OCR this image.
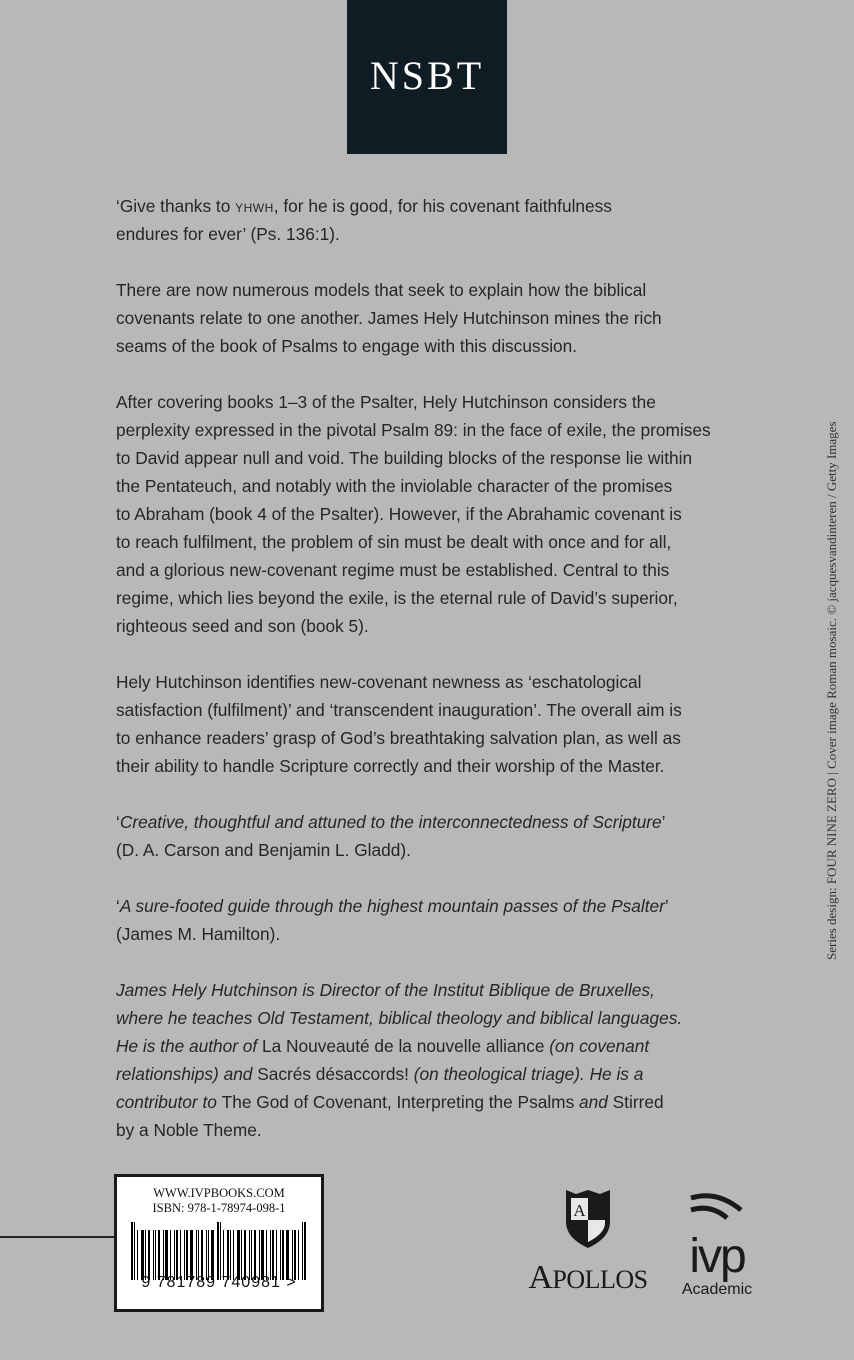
NSBT
‘Give thanks to YHWH, for he is good, for his covenant faithfulness
endures for ever’ (Ps. 136:1).
There are now numerous models that seek to explain how the biblical
covenants relate to one another. James Hely Hutchinson mines the rich
seams of the book of Psalms to engage with this discussion.
After covering books 1–3 of the Psalter, Hely Hutchinson considers the
perplexity expressed in the pivotal Psalm 89: in the face of exile, the promises
to David appear null and void. The building blocks of the response lie within
the Pentateuch, and notably with the inviolable character of the promises
to Abraham (book 4 of the Psalter). However, if the Abrahamic covenant is
to reach fulfilment, the problem of sin must be dealt with once and for all,
and a glorious new-covenant regime must be established. Central to this
regime, which lies beyond the exile, is the eternal rule of David’s superior,
righteous seed and son (book 5).
Hely Hutchinson identifies new-covenant newness as ‘eschatological
satisfaction (fulfilment)’ and ‘transcendent inauguration’. The overall aim is
to enhance readers’ grasp of God’s breathtaking salvation plan, as well as
their ability to handle Scripture correctly and their worship of the Master.
‘Creative, thoughtful and attuned to the interconnectedness of Scripture’
(D. A. Carson and Benjamin L. Gladd).
‘A sure-footed guide through the highest mountain passes of the Psalter’
(James M. Hamilton).
James Hely Hutchinson is Director of the Institut Biblique de Bruxelles,
where he teaches Old Testament, biblical theology and biblical languages.
He is the author of La Nouveauté de la nouvelle alliance (on covenant
relationships) and Sacrés désaccords! (on theological triage). He is a
contributor to The God of Covenant, Interpreting the Psalms and Stirred
by a Noble Theme.
Series design: FOUR NINE ZERO | Cover image Roman mosaic. © jacquesvandinteren / Getty Images
WWW.IVPBOOKS.COM
ISBN: 978-1-78974-098-1
9 781789 740981 >
A
APOLLOS ivp
Academic
